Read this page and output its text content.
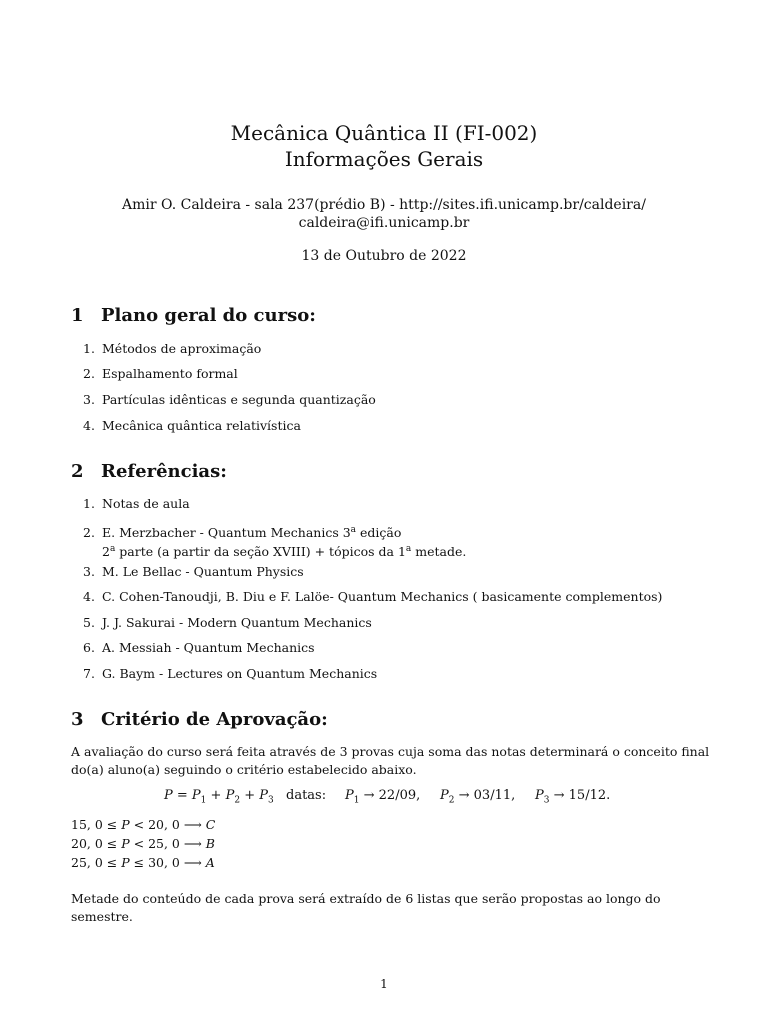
Mecânica Quântica II (FI-002)
Informações Gerais
Amir O. Caldeira - sala 237(prédio B) - http://sites.ifi.unicamp.br/caldeira/
caldeira@ifi.unicamp.br
13 de Outubro de 2022
1 Plano geral do curso:
1. Métodos de aproximação
2. Espalhamento formal
3. Partículas idênticas e segunda quantização
4. Mecânica quântica relativística
2 Referências:
1. Notas de aula
2. E. Merzbacher - Quantum Mechanics 3$^a$ edição
2$^a$ parte (a partir da seção XVIII) + tópicos da 1$^a$ metade.
3. M. Le Bellac - Quantum Physics
4. C. Cohen-Tanoudji, B. Diu e F. Lalöe- Quantum Mechanics ( basicamente complementos)
5. J. J. Sakurai - Modern Quantum Mechanics
6. A. Messiah - Quantum Mechanics
7. G. Baym - Lectures on Quantum Mechanics
3 Critério de Aprovação:
A avaliação do curso será feita através de 3 provas cuja soma das notas determinará o conceito final do(a) aluno(a) seguindo o critério estabelecido abaixo.
$P = P_1 + P_2 + P_3$ datas: $P_1 \to 22/09$, $P_2 \to 03/11$, $P_3 \to 15/12$.
15, 0 ≤ P < 20, 0 ⟶ C
20, 0 ≤ P < 25, 0 ⟶ B
25, 0 ≤ P ≤ 30, 0 ⟶ A
Metade do conteúdo de cada prova será extraído de 6 listas que serão propostas ao longo do semestre.
1
